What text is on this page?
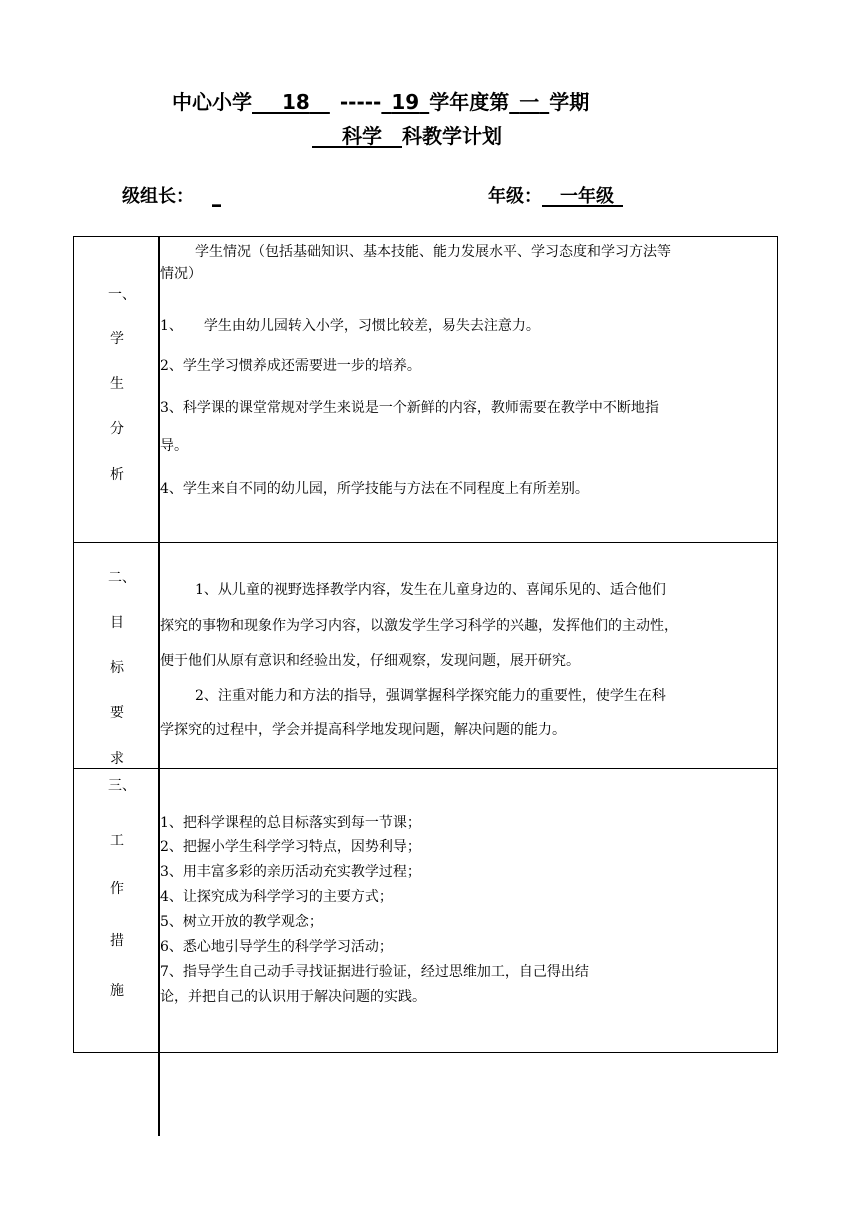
中心小学   18   -----  19  学年度第  一  学期
  科学  科教学计划
级组长：  _	年级：   一年级 
一、
学
生
分
析
学生情况（包括基础知识、基本技能、能力发展水平、学习态度和学习方法等
情况）
1、　　学生由幼儿园转入小学，习惯比较差，易失去注意力。
2、学生学习惯养成还需要进一步的培养。
3、科学课的课堂常规对学生来说是一个新鲜的内容，教师需要在教学中不断地指
导。
4、学生来自不同的幼儿园，所学技能与方法在不同程度上有所差别。
二、
目
标
要
求
1、从儿童的视野选择教学内容，发生在儿童身边的、喜闻乐见的、适合他们
探究的事物和现象作为学习内容，以激发学生学习科学的兴趣，发挥他们的主动性，
便于他们从原有意识和经验出发，仔细观察，发现问题，展开研究。
2、注重对能力和方法的指导，强调掌握科学探究能力的重要性，使学生在科
学探究的过程中，学会并提高科学地发现问题，解决问题的能力。
三、
工
作
措
施
1、把科学课程的总目标落实到每一节课；
2、把握小学生科学学习特点，因势利导；
3、用丰富多彩的亲历活动充实教学过程；
4、让探究成为科学学习的主要方式；
5、树立开放的教学观念；
6、悉心地引导学生的科学学习活动；
7、指导学生自己动手寻找证据进行验证，经过思维加工，自己得出结
论，并把自己的认识用于解决问题的实践。
